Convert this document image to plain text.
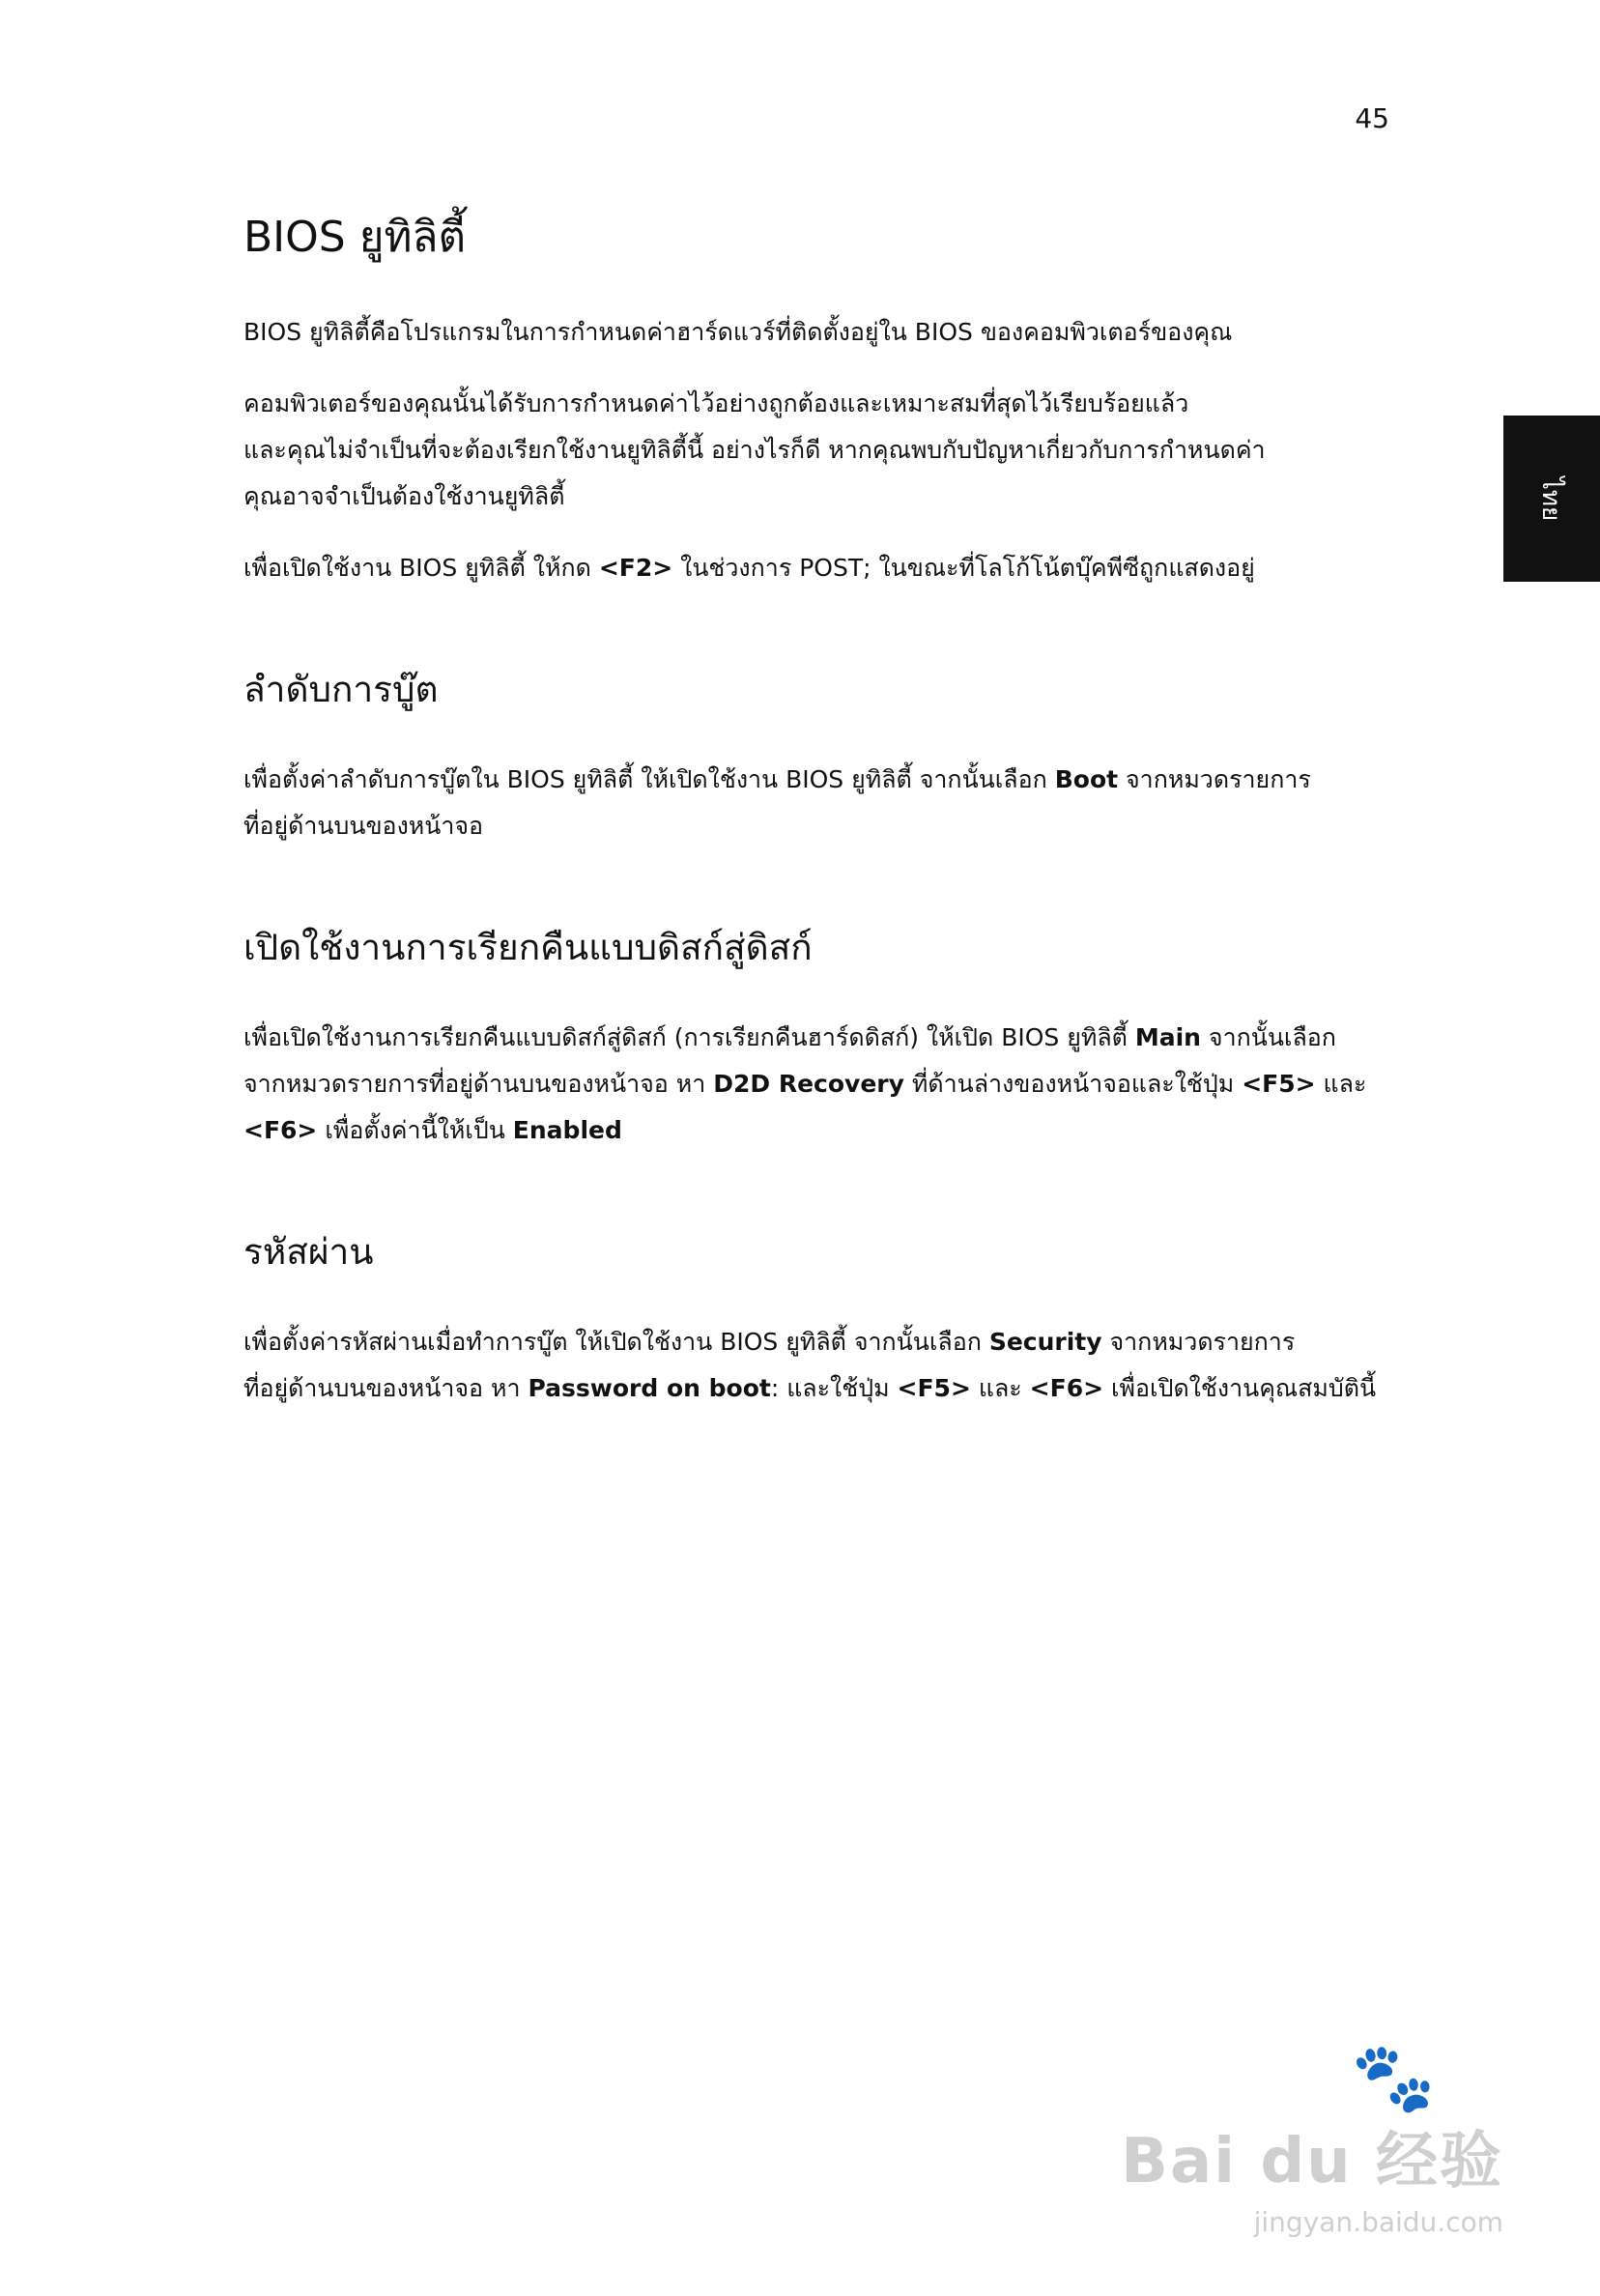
45
ไทย
BIOS ยูทิลิตี้

BIOS ยูทิลิตี้คือโปรแกรมในการกำหนดค่าฮาร์ดแวร์ที่ติดตั้งอยู่ใน BIOS ของคอมพิวเตอร์ของคุณ

คอมพิวเตอร์ของคุณนั้นได้รับการกำหนดค่าไว้อย่างถูกต้องและเหมาะสมที่สุดไว้เรียบร้อยแล้ว
และคุณไม่จำเป็นที่จะต้องเรียกใช้งานยูทิลิตี้นี้ อย่างไรก็ดี หากคุณพบกับปัญหาเกี่ยวกับการกำหนดค่า
คุณอาจจำเป็นต้องใช้งานยูทิลิตี้

เพื่อเปิดใช้งาน BIOS ยูทิลิตี้ ให้กด <F2> ในช่วงการ POST; ในขณะที่โลโก้โน้ตบุ๊คพีซีถูกแสดงอยู่

ลำดับการบู๊ต

เพื่อตั้งค่าลำดับการบู๊ตใน BIOS ยูทิลิตี้ ให้เปิดใช้งาน BIOS ยูทิลิตี้ จากนั้นเลือก Boot จากหมวดรายการ
ที่อยู่ด้านบนของหน้าจอ

เปิดใช้งานการเรียกคืนแบบดิสก์สู่ดิสก์

เพื่อเปิดใช้งานการเรียกคืนแบบดิสก์สู่ดิสก์ (การเรียกคืนฮาร์ดดิสก์) ให้เปิด BIOS ยูทิลิตี้ Main จากนั้นเลือก
จากหมวดรายการที่อยู่ด้านบนของหน้าจอ หา D2D Recovery ที่ด้านล่างของหน้าจอและใช้ปุ่ม <F5> และ
<F6> เพื่อตั้งค่านี้ให้เป็น Enabled

รหัสผ่าน

เพื่อตั้งค่ารหัสผ่านเมื่อทำการบู๊ต ให้เปิดใช้งาน BIOS ยูทิลิตี้ จากนั้นเลือก Security จากหมวดรายการ
ที่อยู่ด้านบนของหน้าจอ หา Password on boot: และใช้ปุ่ม <F5> และ <F6> เพื่อเปิดใช้งานคุณสมบัตินี้

🐾
Bai du 经验
jingyan.baidu.com
